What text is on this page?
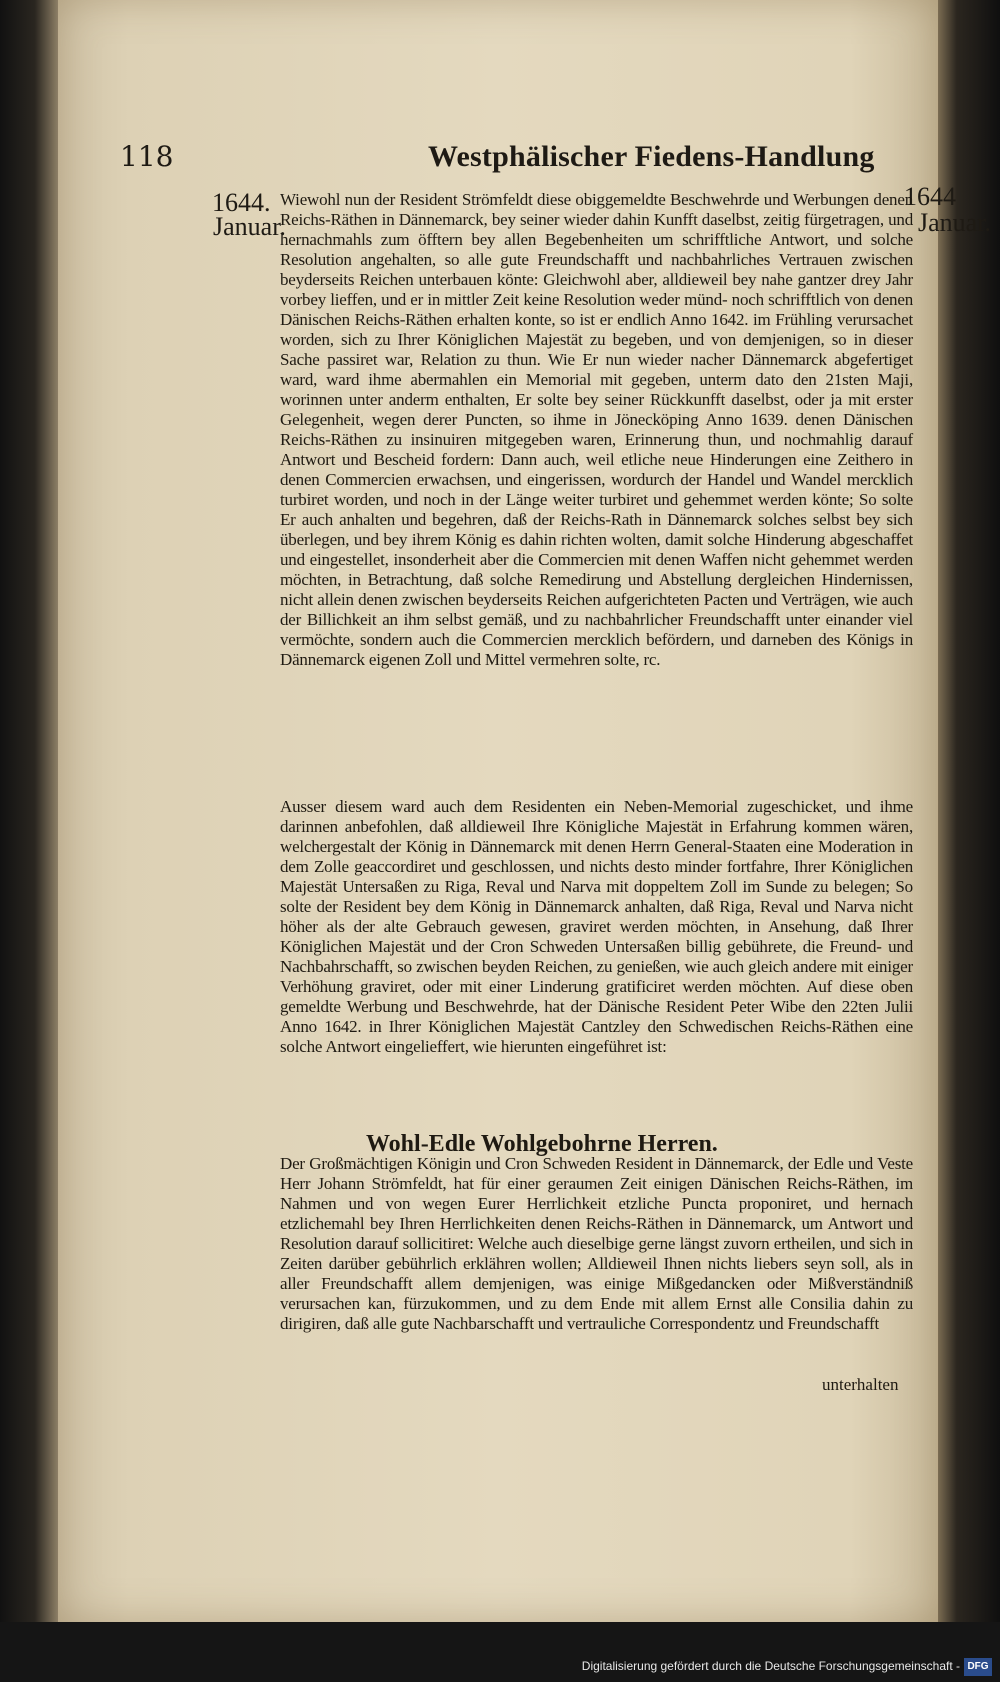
118	Westphälischer Fiedens-Handlung
1644.
Januar.
1644
Januar.

Wiewohl nun der Resident Strömfeldt diese obiggemeldte Beschwehrde und Werbungen denen Reichs-Räthen in Dännemarck, bey seiner wieder dahin Kunfft daselbst, zeitig fürgetragen, und hernachmahls zum öfftern bey allen Begebenheiten um schrifftliche Antwort, und solche Resolution angehalten, so alle gute Freundschafft und nachbahrliches Vertrauen zwischen beyderseits Reichen unterbauen könte: Gleichwohl aber, alldieweil bey nahe gantzer drey Jahr vorbey lieffen, und er in mittler Zeit keine Resolution weder münd- noch schrifftlich von denen Dänischen Reichs-Räthen erhalten konte, so ist er endlich Anno 1642. im Frühling verursachet worden, sich zu Ihrer Königlichen Majestät zu begeben, und von demjenigen, so in dieser Sache passiret war, Relation zu thun. Wie Er nun wieder nacher Dännemarck abgefertiget ward, ward ihme abermahlen ein Memorial mit gegeben, unterm dato den 21sten Maji, worinnen unter anderm enthalten, Er solte bey seiner Rückkunfft daselbst, oder ja mit erster Gelegenheit, wegen derer Puncten, so ihme in Jönecköping Anno 1639. denen Dänischen Reichs-Räthen zu insinuiren mitgegeben waren, Erinnerung thun, und nochmahlig darauf Antwort und Bescheid fordern: Dann auch, weil etliche neue Hinderungen eine Zeithero in denen Commercien erwachsen, und eingerissen, wordurch der Handel und Wandel mercklich turbiret worden, und noch in der Länge weiter turbiret und gehemmet werden könte; So solte Er auch anhalten und begehren, daß der Reichs-Rath in Dännemarck solches selbst bey sich überlegen, und bey ihrem König es dahin richten wolten, damit solche Hinderung abgeschaffet und eingestellet, insonderheit aber die Commercien mit denen Waffen nicht gehemmet werden möchten, in Betrachtung, daß solche Remedirung und Abstellung dergleichen Hindernissen, nicht allein denen zwischen beyderseits Reichen aufgerichteten Pacten und Verträgen, wie auch der Billichkeit an ihm selbst gemäß, und zu nachbahrlicher Freundschafft unter einander viel vermöchte, sondern auch die Commercien mercklich befördern, und darneben des Königs in Dännemarck eigenen Zoll und Mittel vermehren solte, rc.

Ausser diesem ward auch dem Residenten ein Neben-Memorial zugeschicket, und ihme darinnen anbefohlen, daß alldieweil Ihre Königliche Majestät in Erfahrung kommen wären, welchergestalt der König in Dännemarck mit denen Herrn General-Staaten eine Moderation in dem Zolle geaccordiret und geschlossen, und nichts desto minder fortfahre, Ihrer Königlichen Majestät Untersaßen zu Riga, Reval und Narva mit doppeltem Zoll im Sunde zu belegen; So solte der Resident bey dem König in Dännemarck anhalten, daß Riga, Reval und Narva nicht höher als der alte Gebrauch gewesen, graviret werden möchten, in Ansehung, daß Ihrer Königlichen Majestät und der Cron Schweden Untersaßen billig gebührete, die Freund- und Nachbahrschafft, so zwischen beyden Reichen, zu genießen, wie auch gleich andere mit einiger Verhöhung graviret, oder mit einer Linderung gratificiret werden möchten. Auf diese oben gemeldte Werbung und Beschwehrde, hat der Dänische Resident Peter Wibe den 22ten Julii Anno 1642. in Ihrer Königlichen Majestät Cantzley den Schwedischen Reichs-Räthen eine solche Antwort eingelieffert, wie hierunten eingeführet ist:

Wohl-Edle Wohlgebohrne Herren.

Der Großmächtigen Königin und Cron Schweden Resident in Dännemarck, der Edle und Veste Herr Johann Strömfeldt, hat für einer geraumen Zeit einigen Dänischen Reichs-Räthen, im Nahmen und von wegen Eurer Herrlichkeit etzliche Puncta proponiret, und hernach etzlichemahl bey Ihren Herrlichkeiten denen Reichs-Räthen in Dännemarck, um Antwort und Resolution darauf sollicitiret: Welche auch dieselbige gerne längst zuvorn ertheilen, und sich in Zeiten darüber gebührlich erklähren wollen; Alldieweil Ihnen nichts liebers seyn soll, als in aller Freundschafft allem demjenigen, was einige Mißgedancken oder Mißverständniß verursachen kan, fürzukommen, und zu dem Ende mit allem Ernst alle Consilia dahin zu dirigiren, daß alle gute Nachbarschafft und vertrauliche Correspondentz und Freundschafft

unterhalten
Digitalisierung gefördert durch die Deutsche Forschungsgemeinschaft - DFG
